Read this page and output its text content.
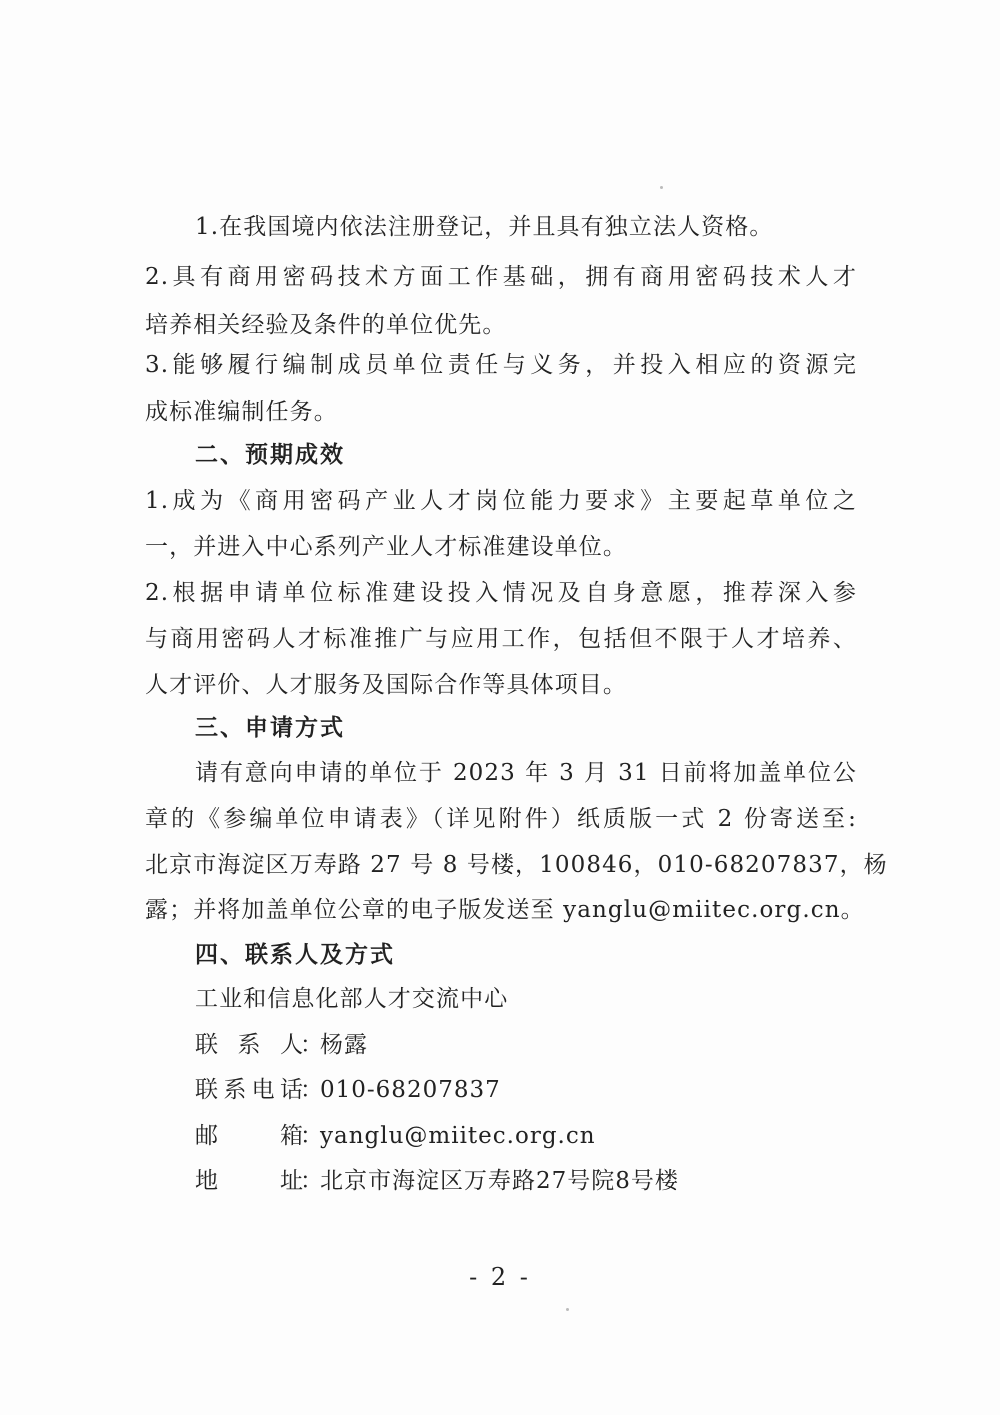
1.在我国境内依法注册登记，并且具有独立法人资格。
2.具有商用密码技术方面工作基础，拥有商用密码技术人才
培养相关经验及条件的单位优先。
3.能够履行编制成员单位责任与义务，并投入相应的资源完
成标准编制任务。
二、预期成效
1.成为《商用密码产业人才岗位能力要求》主要起草单位之
一，并进入中心系列产业人才标准建设单位。
2.根据申请单位标准建设投入情况及自身意愿，推荐深入参
与商用密码人才标准推广与应用工作，包括但不限于人才培养、
人才评价、人才服务及国际合作等具体项目。
三、申请方式
请有意向申请的单位于 2023 年 3 月 31 日前将加盖单位公
章的《参编单位申请表》（详见附件）纸质版一式 2 份寄送至:
北京市海淀区万寿路 27 号 8 号楼，100846，010-68207837，杨
露；并将加盖单位公章的电子版发送至 yanglu@miitec.org.cn。
四、联系人及方式
工业和信息化部人才交流中心
联系人
：
杨露
联系电话
：
010-68207837
邮箱
：
yanglu@miitec.org.cn
地址
：
北京市海淀区万寿路27号院8号楼
- 2 -
